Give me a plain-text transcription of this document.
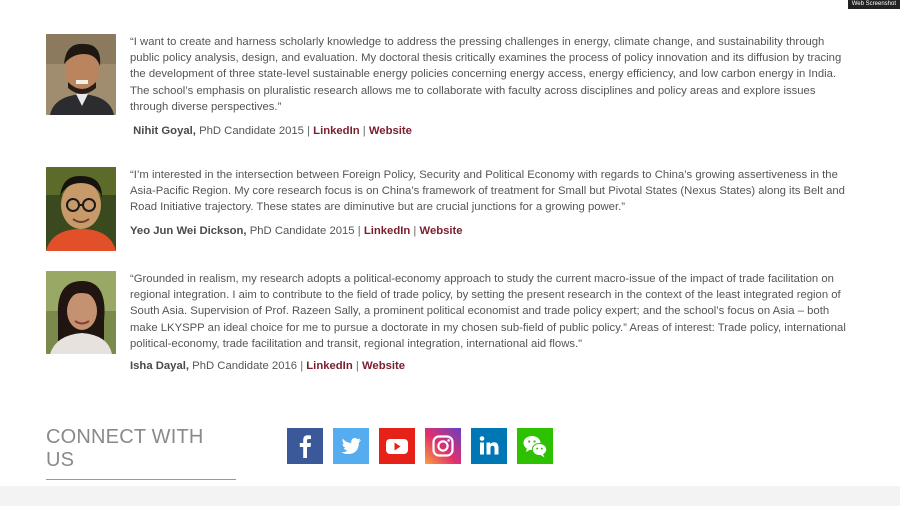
Web Screenshot

“I want to create and harness scholarly knowledge to address the pressing challenges in energy, climate change, and sustainability through public policy analysis, design, and evaluation. My doctoral thesis critically examines the process of policy innovation and its diffusion by tracing the development of three state-level sustainable energy policies concerning energy access, energy efficiency, and low carbon energy in India. The school’s emphasis on pluralistic research allows me to collaborate with faculty across disciplines and policy areas and explore issues through diverse perspectives.”

Nihit Goyal, PhD Candidate 2015 | LinkedIn | Website

“I’m interested in the intersection between Foreign Policy, Security and Political Economy with regards to China’s growing assertiveness in the Asia-Pacific Region. My core research focus is on China’s framework of treatment for Small but Pivotal States (Nexus States) along its Belt and Road Initiative trajectory. These states are diminutive but are crucial junctions for a growing power.”

Yeo Jun Wei Dickson, PhD Candidate 2015 | LinkedIn | Website

“Grounded in realism, my research adopts a political-economy approach to study the current macro-issue of the impact of trade facilitation on regional integration. I aim to contribute to the field of trade policy, by setting the present research in the context of the least integrated region of South Asia. Supervision of Prof. Razeen Sally, a prominent political economist and trade policy expert; and the school’s focus on Asia – both make LKYSPP an ideal choice for me to pursue a doctorate in my chosen sub-field of public policy.” Areas of interest: Trade policy, international political-economy, trade facilitation and transit, regional integration, international aid flows."

Isha Dayal, PhD Candidate 2016 | LinkedIn | Website

CONNECT WITH US
